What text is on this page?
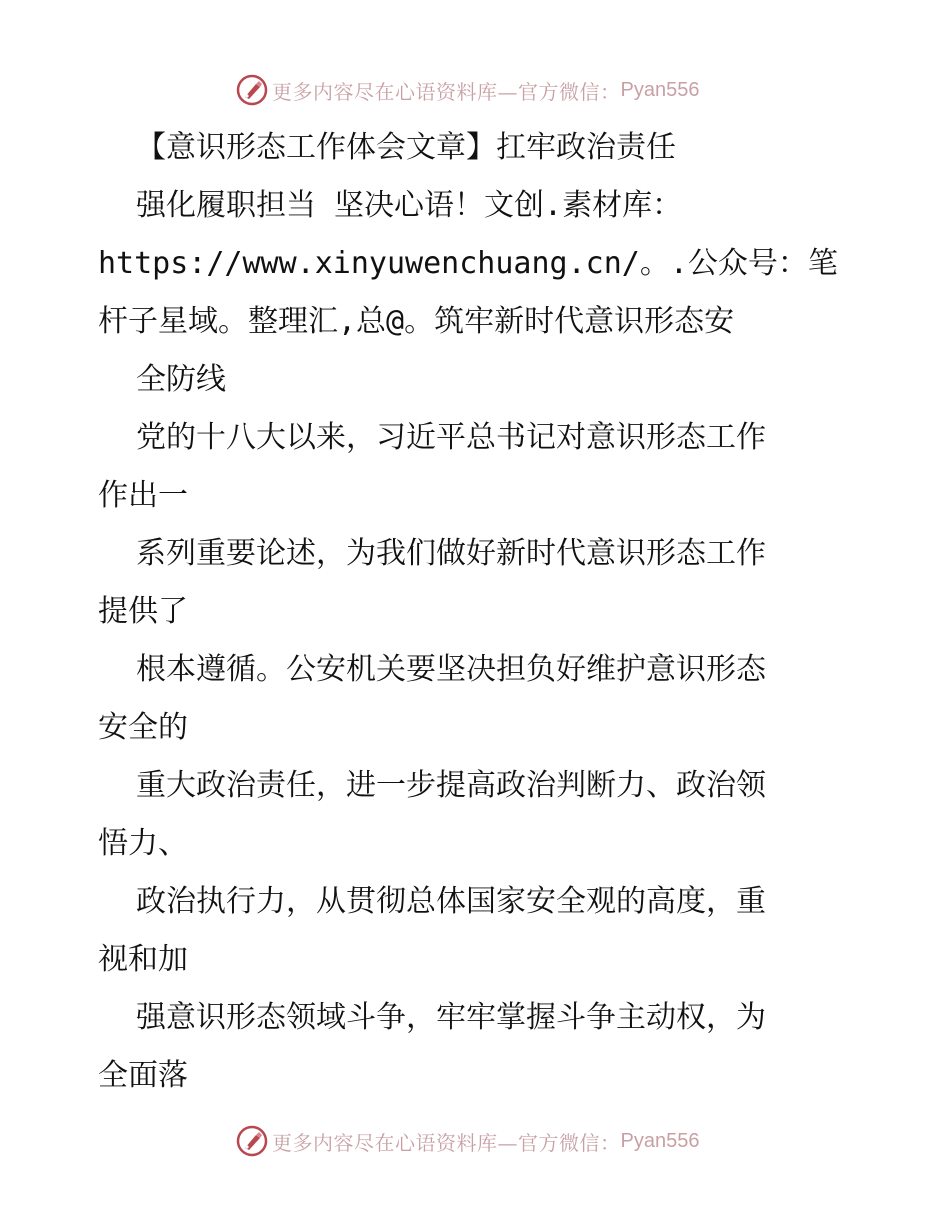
更多内容尽在心语资料库—官方微信： Pyan556
【意识形态工作体会文章】扛牢政治责任
强化履职担当 坚决心语！文创.素材库：
https://www.xinyuwenchuang.cn/。.公众号：笔
杆子星域。整理汇,总@。筑牢新时代意识形态安
全防线
党的十八大以来，习近平总书记对意识形态工作
作出一
系列重要论述，为我们做好新时代意识形态工作
提供了
根本遵循。公安机关要坚决担负好维护意识形态
安全的
重大政治责任，进一步提高政治判断力、政治领
悟力、
政治执行力，从贯彻总体国家安全观的高度，重
视和加
强意识形态领域斗争，牢牢掌握斗争主动权，为
全面落
更多内容尽在心语资料库—官方微信： Pyan556
